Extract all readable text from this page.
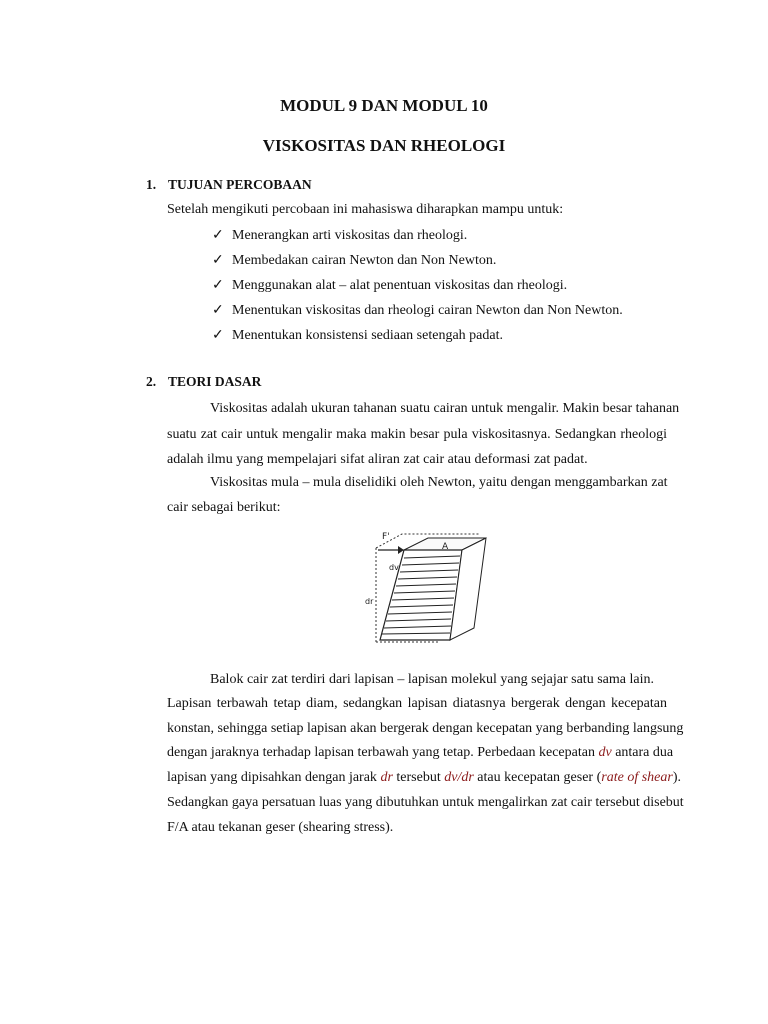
MODUL 9 DAN MODUL 10
VISKOSITAS DAN RHEOLOGI
1. TUJUAN PERCOBAAN
Setelah mengikuti percobaan ini mahasiswa diharapkan mampu untuk:
✓ Menerangkan arti viskositas dan rheologi.
✓ Membedakan cairan Newton dan Non Newton.
✓ Menggunakan alat – alat penentuan viskositas dan rheologi.
✓ Menentukan viskositas dan rheologi cairan Newton dan Non Newton.
✓ Menentukan konsistensi sediaan setengah padat.
2. TEORI DASAR
Viskositas adalah ukuran tahanan suatu cairan untuk mengalir. Makin besar tahanan
suatu zat cair untuk mengalir maka makin besar pula viskositasnya. Sedangkan rheologi
adalah ilmu yang mempelajari sifat aliran zat cair atau deformasi zat padat.
Viskositas mula – mula diselidiki oleh Newton, yaitu dengan menggambarkan zat
cair sebagai berikut:
F'
A
dv
dr
Balok cair zat terdiri dari lapisan – lapisan molekul yang sejajar satu sama lain.
Lapisan terbawah tetap diam, sedangkan lapisan diatasnya bergerak dengan kecepatan
konstan, sehingga setiap lapisan akan bergerak dengan kecepatan yang berbanding langsung
dengan jaraknya terhadap lapisan terbawah yang tetap. Perbedaan kecepatan dv antara dua
lapisan yang dipisahkan dengan jarak dr tersebut dv/dr atau kecepatan geser (rate of shear).
Sedangkan gaya persatuan luas yang dibutuhkan untuk mengalirkan zat cair tersebut disebut
F/A atau tekanan geser (shearing stress).
